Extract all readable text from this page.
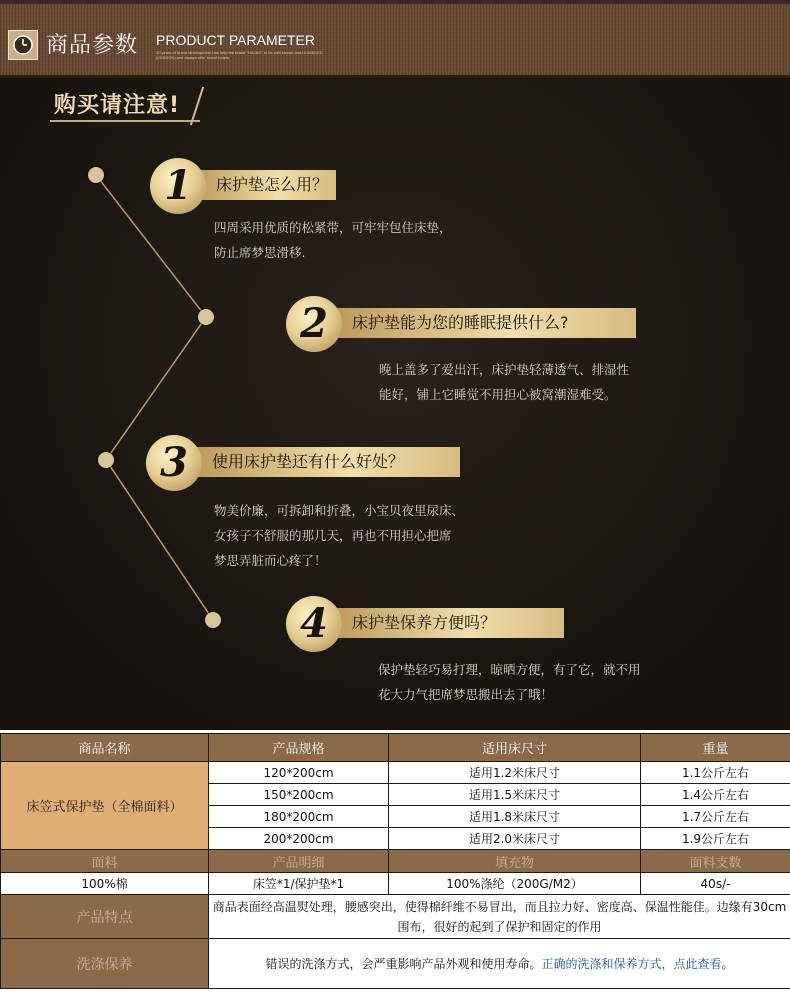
商品参数 PRODUCT PARAMETER
30 years of brand development has help the brand "HAJAG" to be well known and HOMEKED (CEBSON) and always offer brand hotels.
购买请注意!
1	床护垫怎么用？
四周采用优质的松紧带，可牢牢包住床垫，
防止席梦思滑移.
2	床护垫能为您的睡眠提供什么?
晚上盖多了爱出汗，床护垫轻薄透气、排湿性
能好，铺上它睡觉不用担心被窝潮湿难受。
3	使用床护垫还有什么好处？
物美价廉，可拆卸和折叠，小宝贝夜里尿床、
女孩子不舒服的那几天，再也不用担心把席
梦思弄脏而心疼了！
4	床护垫保养方便吗？
保护垫轻巧易打理，晾晒方便，有了它，就不用
花大力气把席梦思搬出去了哦！
商品名称	产品规格	适用床尺寸	重量
床笠式保护垫（全棉面料）	120*200cm	适用1.2米床尺寸	1.1公斤左右
	150*200cm	适用1.5米床尺寸	1.4公斤左右
	180*200cm	适用1.8米床尺寸	1.7公斤左右
	200*200cm	适用2.0米床尺寸	1.9公斤左右
面料	产品明细	填充物	面料支数
100%棉	床笠*1/保护垫*1	100%涤纶（200G/M2）	40s/-
产品特点	商品表面经高温熨处理，腰感突出，使得棉纤维不易冒出，而且拉力好、密度高、保温性能佳。边缘有30cm围布，很好的起到了保护和固定的作用		
洗涤保养	错误的洗涤方式，会严重影响产品外观和使用寿命。正确的洗涤和保养方式，点此查看。		
